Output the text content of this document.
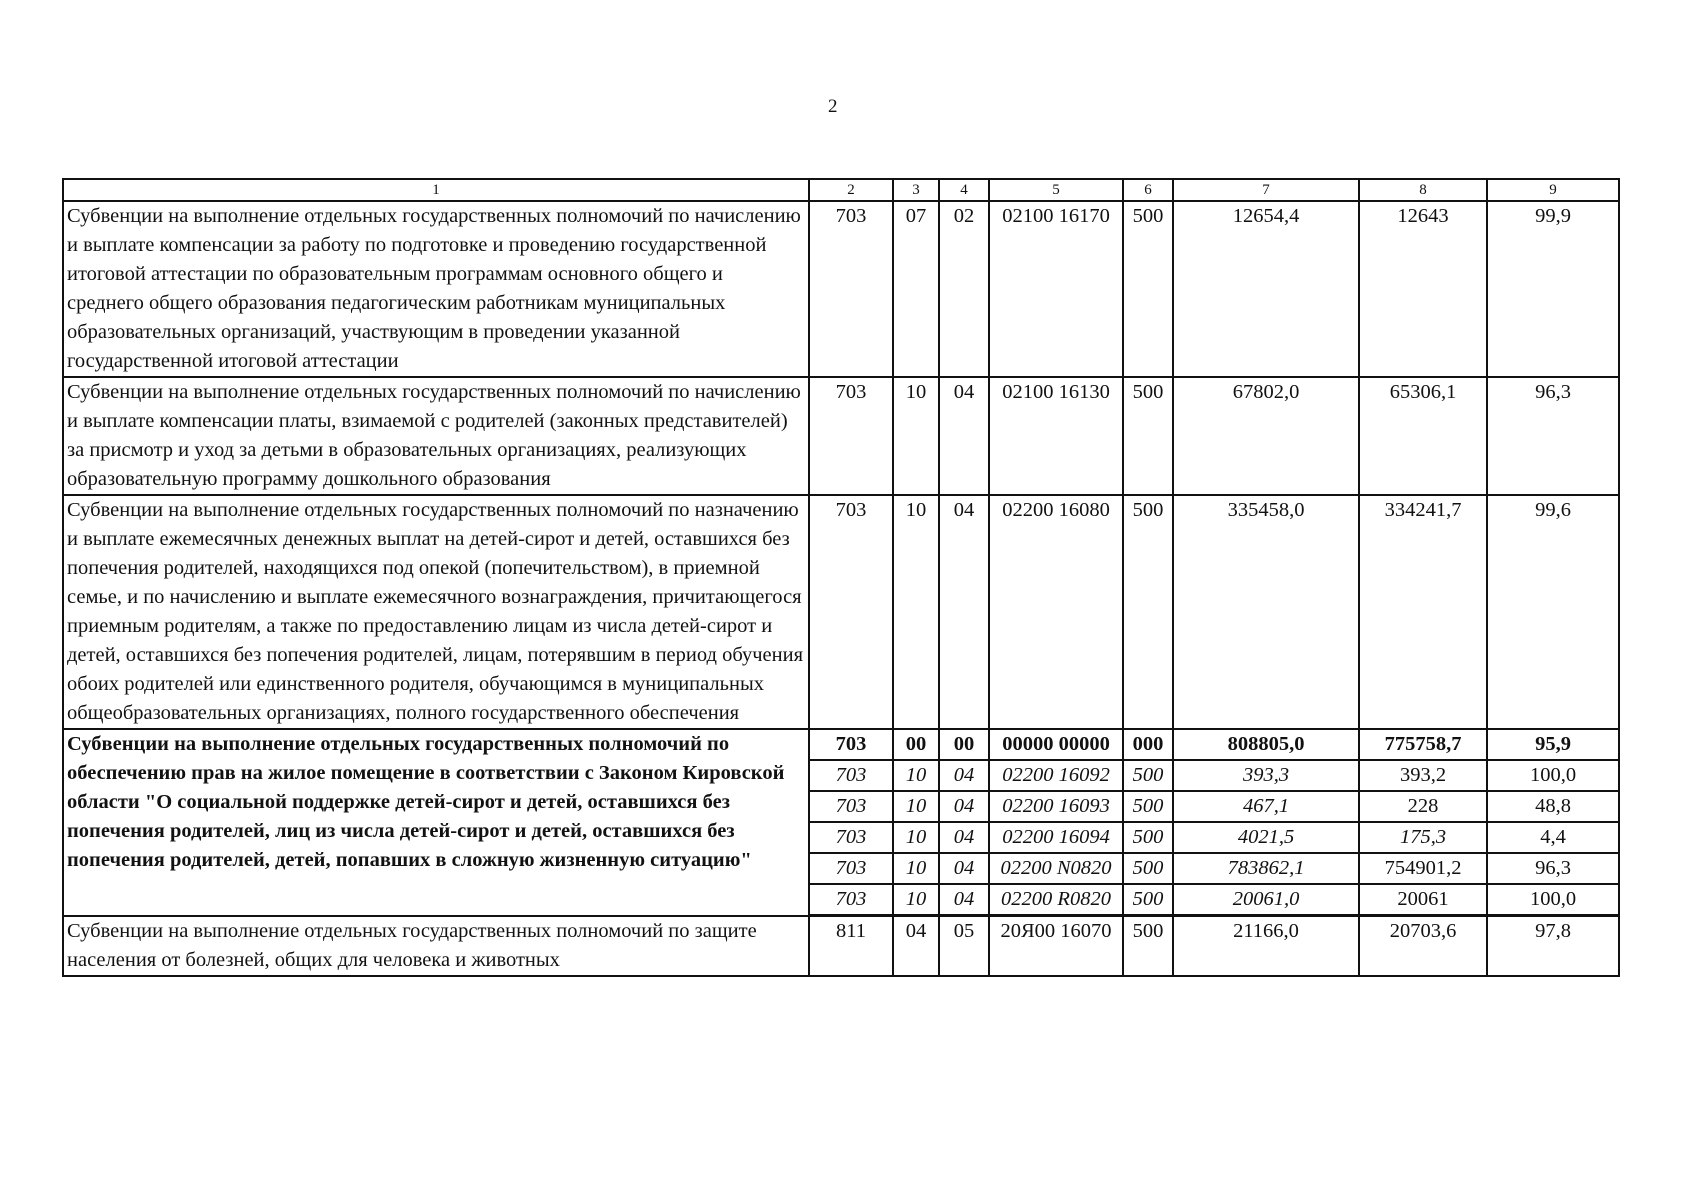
2
1	2	3	4	5	6	7	8	9
Субвенции на выполнение отдельных государственных полномочий по начислению и выплате компенсации за работу по подготовке и проведению государственной итоговой аттестации по образовательным программам основного общего и среднего общего образования педагогическим работникам муниципальных образовательных организаций, участвующим в проведении указанной государственной итоговой аттестации	703	07	02	02100 16170	500	12654,4	12643	99,9
Субвенции на выполнение отдельных государственных полномочий по начислению и выплате компенсации платы, взимаемой с родителей (законных представителей) за присмотр и уход за детьми в образовательных организациях, реализующих образовательную программу дошкольного образования	703	10	04	02100 16130	500	67802,0	65306,1	96,3
Субвенции на выполнение отдельных государственных полномочий по назначению и выплате ежемесячных денежных выплат на детей-сирот и детей, оставшихся без попечения родителей, находящихся под опекой (попечительством), в приемной семье, и по начислению и выплате ежемесячного вознаграждения, причитающегося приемным родителям, а также по предоставлению лицам из числа детей-сирот и детей, оставшихся без попечения родителей, лицам, потерявшим в период обучения обоих родителей или единственного родителя, обучающимся в муниципальных общеобразовательных организациях, полного государственного обеспечения	703	10	04	02200 16080	500	335458,0	334241,7	99,6
Субвенции на выполнение отдельных государственных полномочий по обеспечению прав на жилое помещение в соответствии с Законом Кировской области "О социальной поддержке детей-сирот и детей, оставшихся без попечения родителей, лиц из числа детей-сирот и детей, оставшихся без попечения родителей, детей, попавших в сложную жизненную ситуацию"	703	00	00	00000 00000	000	808805,0	775758,7	95,9
	703	10	04	02200 16092	500	393,3	393,2	100,0
	703	10	04	02200 16093	500	467,1	228	48,8
	703	10	04	02200 16094	500	4021,5	175,3	4,4
	703	10	04	02200 N0820	500	783862,1	754901,2	96,3
	703	10	04	02200 R0820	500	20061,0	20061	100,0
Субвенции на выполнение отдельных государственных полномочий по защите населения от болезней, общих для человека и животных	811	04	05	20Я00 16070	500	21166,0	20703,6	97,8
